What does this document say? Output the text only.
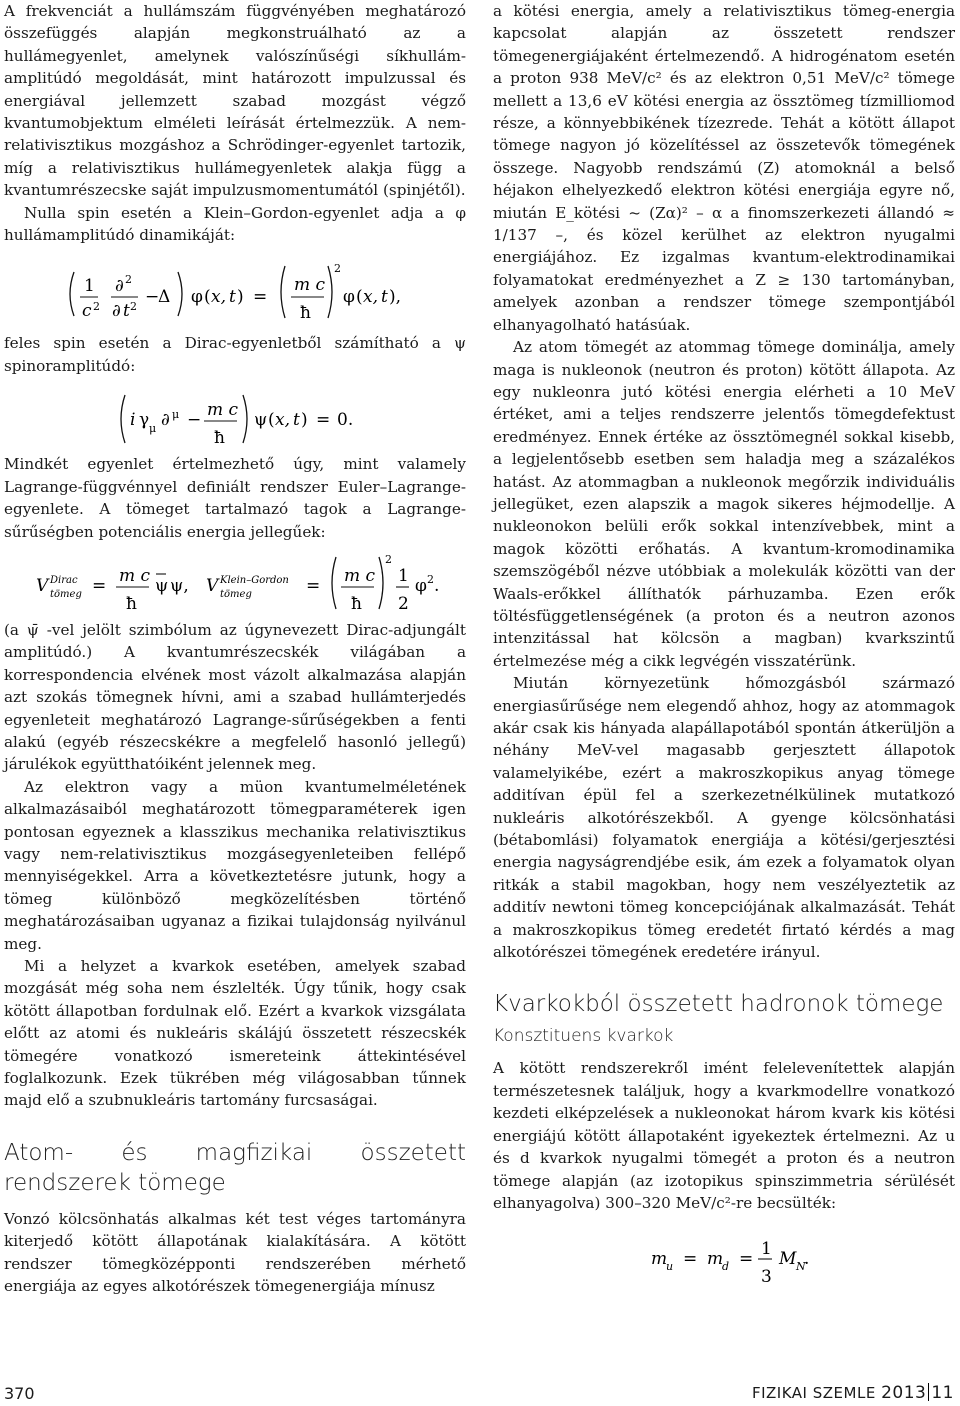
A frekvenciát a hullámszám függvényében meghatározó összefüggés alapján megkonstruálható az a hullámegyenlet, amelynek valószínűségi síkhullám-amplitúdó megoldását, mint határozott impulzussal és energiával jellemzett szabad mozgást végző kvantumobjektum elméleti leírását értelmezzük. A nem-relativisztikus mozgáshoz a Schrödinger-egyenlet tartozik, míg a relativisztikus hullámegyenletek alakja függ a kvantumrészecske saját impulzusmomentumától (spinjétől).

Nulla spin esetén a Klein–Gordon-egyenlet adja a φ hullámamplitúdó dinamikáját:

1
c 2
∂ 2
∂ t 2 −
Δ φ ( x, t ) =
m c
ħ
2
φ ( x, t ),

feles spin esetén a Dirac-egyenletből számítható a ψ spinoramplitúdó:

i γ μ ∂ μ − m c
ħ
ψ ( x, t ) = 0.

Mindkét egyenlet értelmezhető úgy, mint valamely Lagrange-függvénnyel definiált rendszer Euler–Lagrange-egyenlete. A tömeget tartalmazó tagok a Lagrange-sűrűségben potenciális energia jellegűek:

V Dirac
tömeg = m c
ħ
ψ ψ, V Klein–Gordon
tömeg	= m c
ħ
2
1
2
φ 2 .

(a ψ̄ -vel jelölt szimbólum az úgynevezett Dirac-adjungált amplitúdó.) A kvantumrészecskék világában a korrespondencia elvének most vázolt alkalmazása alapján azt szokás tömegnek hívni, ami a szabad hullámterjedés egyenleteit meghatározó Lagrange-sűrűségekben a fenti alakú (egyéb részecskékre a megfelelő hasonló jellegű) járulékok együtthatóiként jelennek meg.

Az elektron vagy a müon kvantumelméletének alkalmazásaiból meghatározott tömegparaméterek igen pontosan egyeznek a klasszikus mechanika relativisztikus vagy nem-relativisztikus mozgásegyenleteiben fellépő mennyiségekkel. Arra a következtetésre jutunk, hogy a tömeg különböző megközelítésben történő meghatározásaiban ugyanaz a fizikai tulajdonság nyilvánul meg.

Mi a helyzet a kvarkok esetében, amelyek szabad mozgását még soha nem észlelték. Úgy tűnik, hogy csak kötött állapotban fordulnak elő. Ezért a kvarkok vizsgálata előtt az atomi és nukleáris skálájú összetett részecskék tömegére vonatkozó ismereteink áttekintésével foglalkozunk. Ezek tükrében még világosabban tűnnek majd elő a szubnukleáris tartomány furcsaságai.

Atom- és magfizikai összetett rendszerek tömege

Vonzó kölcsönhatás alkalmas két test véges tartományra kiterjedő kötött állapotának kialakítására. A kötött rendszer tömegközépponti rendszerében mérhető energiája az egyes alkotórészek tömegenergiája mínusz

a kötési energia, amely a relativisztikus tömeg-energia kapcsolat alapján az összetett rendszer tömegenergiájaként értelmezendő. A hidrogénatom esetén a proton 938 MeV/c² és az elektron 0,51 MeV/c² tömege mellett a 13,6 eV kötési energia az össztömeg tízmilliomod része, a könnyebbikének tízezrede. Tehát a kötött állapot tömege nagyon jó közelítéssel az összetevők tömegének összege. Nagyobb rendszámú (Z) atomoknál a belső héjakon elhelyezkedő elektron kötési energiája egyre nő, miután E_kötési ~ (Zα)² – α a finomszerkezeti állandó ≈ 1/137 –, és közel kerülhet az elektron nyugalmi energiájához. Ez izgalmas kvantum-elektrodinamikai folyamatokat eredményezhet a Z ≥ 130 tartományban, amelyek azonban a rendszer tömege szempontjából elhanyagolható hatásúak.

Az atom tömegét az atommag tömege dominálja, amely maga is nukleonok (neutron és proton) kötött állapota. Az egy nukleonra jutó kötési energia elérheti a 10 MeV értéket, ami a teljes rendszerre jelentős tömegdefektust eredményez. Ennek értéke az össztömegnél sokkal kisebb, a legjelentősebb esetben sem haladja meg a százalékos hatást. Az atommagban a nukleonok megőrzik individuális jellegüket, ezen alapszik a magok sikeres héjmodellje. A nukleonokon belüli erők sokkal intenzívebbek, mint a magok közötti erőhatás. A kvantum-kromodinamika szemszögéből nézve utóbbiak a molekulák közötti van der Waals-erőkkel állíthatók párhuzamba. Ezen erők töltésfüggetlenségének (a proton és a neutron azonos intenzitással hat kölcsön a magban) kvarkszintű értelmezése még a cikk legvégén visszatérünk.

Miután környezetünk hőmozgásból származó energiasűrűsége nem elegendő ahhoz, hogy az atommagok akár csak kis hányada alapállapotából spontán átkerüljön a néhány MeV-vel magasabb gerjesztett állapotok valamelyikébe, ezért a makroszkopikus anyag tömege additívan épül fel a szerkezetnélkülinek mutatkozó nukleáris alkotórészekből. A gyenge kölcsönhatási (bétabomlási) folyamatok energiája a kötési/gerjesztési energia nagyságrendjébe esik, ám ezek a folyamatok olyan ritkák a stabil magokban, hogy nem veszélyeztetik az additív newtoni tömeg koncepciójának alkalmazását. Tehát a makroszkopikus tömeg eredetét firtató kérdés a mag alkotórészei tömegének eredetére irányul.

Kvarkokból összetett hadronok tömege
Konsztituens kvarkok

A kötött rendszerekről imént felelevenítettek alapján természetesnek találjuk, hogy a kvarkmodellre vonatkozó kezdeti elképzelések a nukleonokat három kvark kis kötési energiájú kötött állapotaként igyekeztek értelmezni. Az u és d kvarkok nyugalmi tömegét a proton és a neutron tömege alapján (az izotopikus spinszimmetria sérülését elhanyagolva) 300–320 MeV/c²-re becsülték:

m
u = m
d = 1
3
M N
.
370	FIZIKAI SZEMLE 2013 11
